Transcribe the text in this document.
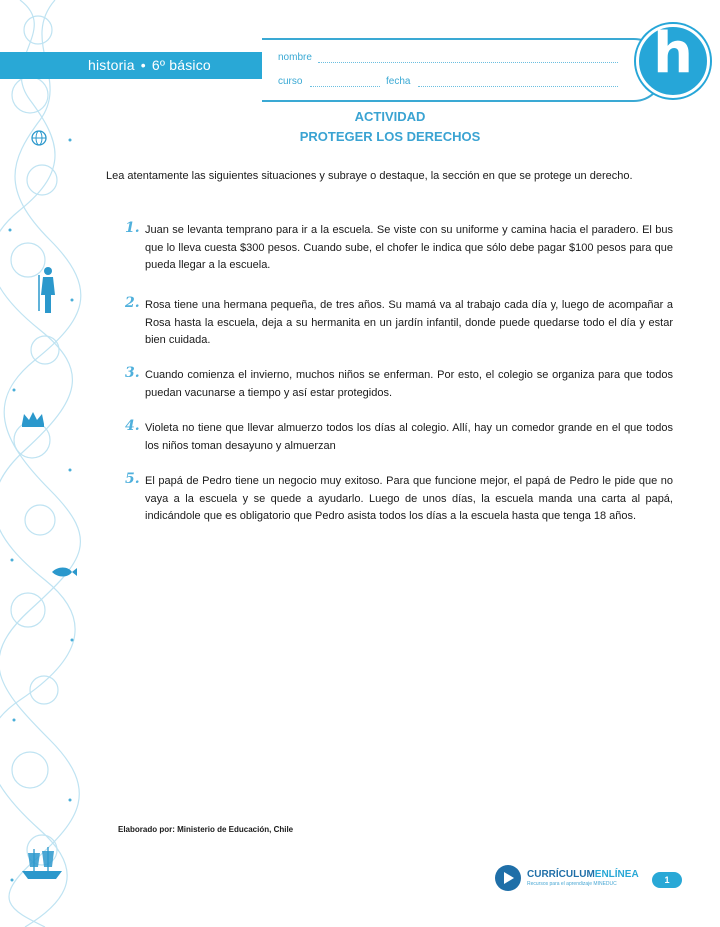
historia • 6º básico	nombre
curso	fecha	h
ACTIVIDAD
PROTEGER LOS DERECHOS
Lea atentamente las siguientes situaciones y subraye o destaque, la sección en que se protege un derecho.
1. Juan se levanta temprano para ir a la escuela. Se viste con su uniforme y camina hacia el paradero. El bus que lo lleva cuesta $300 pesos. Cuando sube, el chofer le indica que sólo debe pagar $100 pesos para que pueda llegar a la escuela.
2. Rosa tiene una hermana pequeña, de tres años. Su mamá va al trabajo cada día y, luego de acompañar a Rosa hasta la escuela, deja a su hermanita en un jardín infantil, donde puede quedarse todo el día y estar bien cuidada.
3. Cuando comienza el invierno, muchos niños se enferman. Por esto, el colegio se organiza para que todos puedan vacunarse a tiempo y así estar protegidos.
4. Violeta no tiene que llevar almuerzo todos los días al colegio. Allí, hay un comedor grande en el que todos los niños toman desayuno y almuerzan
5. El papá de Pedro tiene un negocio muy exitoso. Para que funcione mejor, el papá de Pedro le pide que no vaya a la escuela y se quede a ayudarlo. Luego de unos días, la escuela manda una carta al papá, indicándole que es obligatorio que Pedro asista todos los días a la escuela hasta que tenga 18 años.
Elaborado por: Ministerio de Educación, Chile
CURRÍCULUMENLÍNEA
Recursos para el aprendizaje MINEDUC	1
